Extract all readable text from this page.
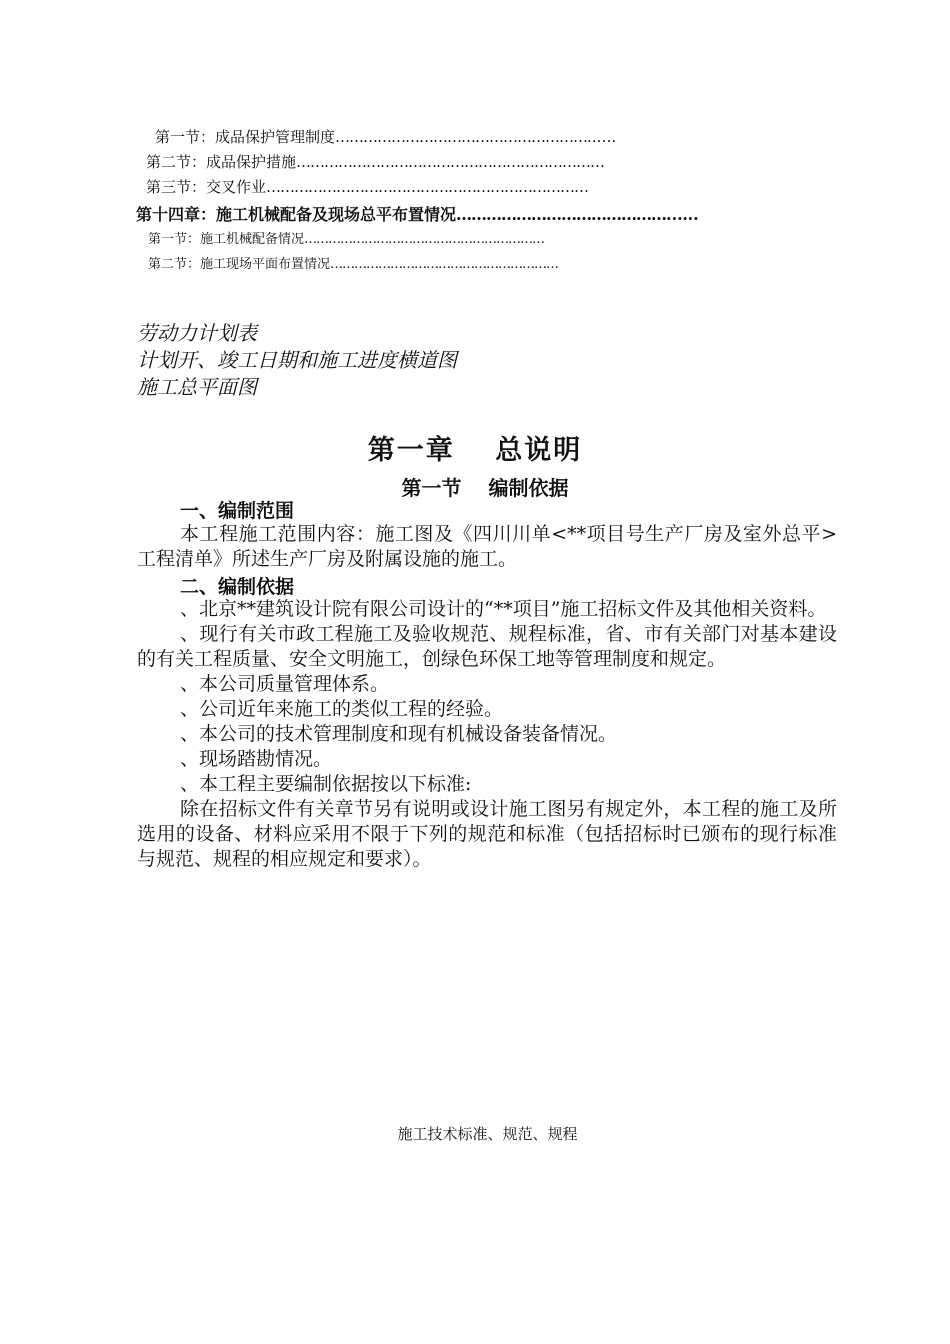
第一节：成品保护管理制度………………………………………………..….
第二节：成品保护措施…………………………………………………………
第三节：交叉作业……………………………………………………………
第十四章：施工机械配备及现场总平布置情况……………………………………..….
第一节：施工机械配备情况……………………………………………………
第二节：施工现场平面布置情况…………………………………………………
劳动力计划表
计划开、竣工日期和施工进度横道图
施工总平面图
第一章　 总说明
第一节　 编制依据
一、编制范围

本工程施工范围内容：施工图及《四川川单<**项目号生产厂房及室外总平>工程清单》所述生产厂房及附属设施的施工。

二、编制依据

、北京**建筑设计院有限公司设计的“**项目”施工招标文件及其他相关资料。

、现行有关市政工程施工及验收规范、规程标准，省、市有关部门对基本建设的有关工程质量、安全文明施工，创绿色环保工地等管理制度和规定。

、本公司质量管理体系。

、公司近年来施工的类似工程的经验。

、本公司的技术管理制度和现有机械设备装备情况。

、现场踏勘情况。

、本工程主要编制依据按以下标准:

除在招标文件有关章节另有说明或设计施工图另有规定外，本工程的施工及所选用的设备、材料应采用不限于下列的规范和标准（包括招标时已颁布的现行标准与规范、规程的相应规定和要求）。

施工技术标准、规范、规程
